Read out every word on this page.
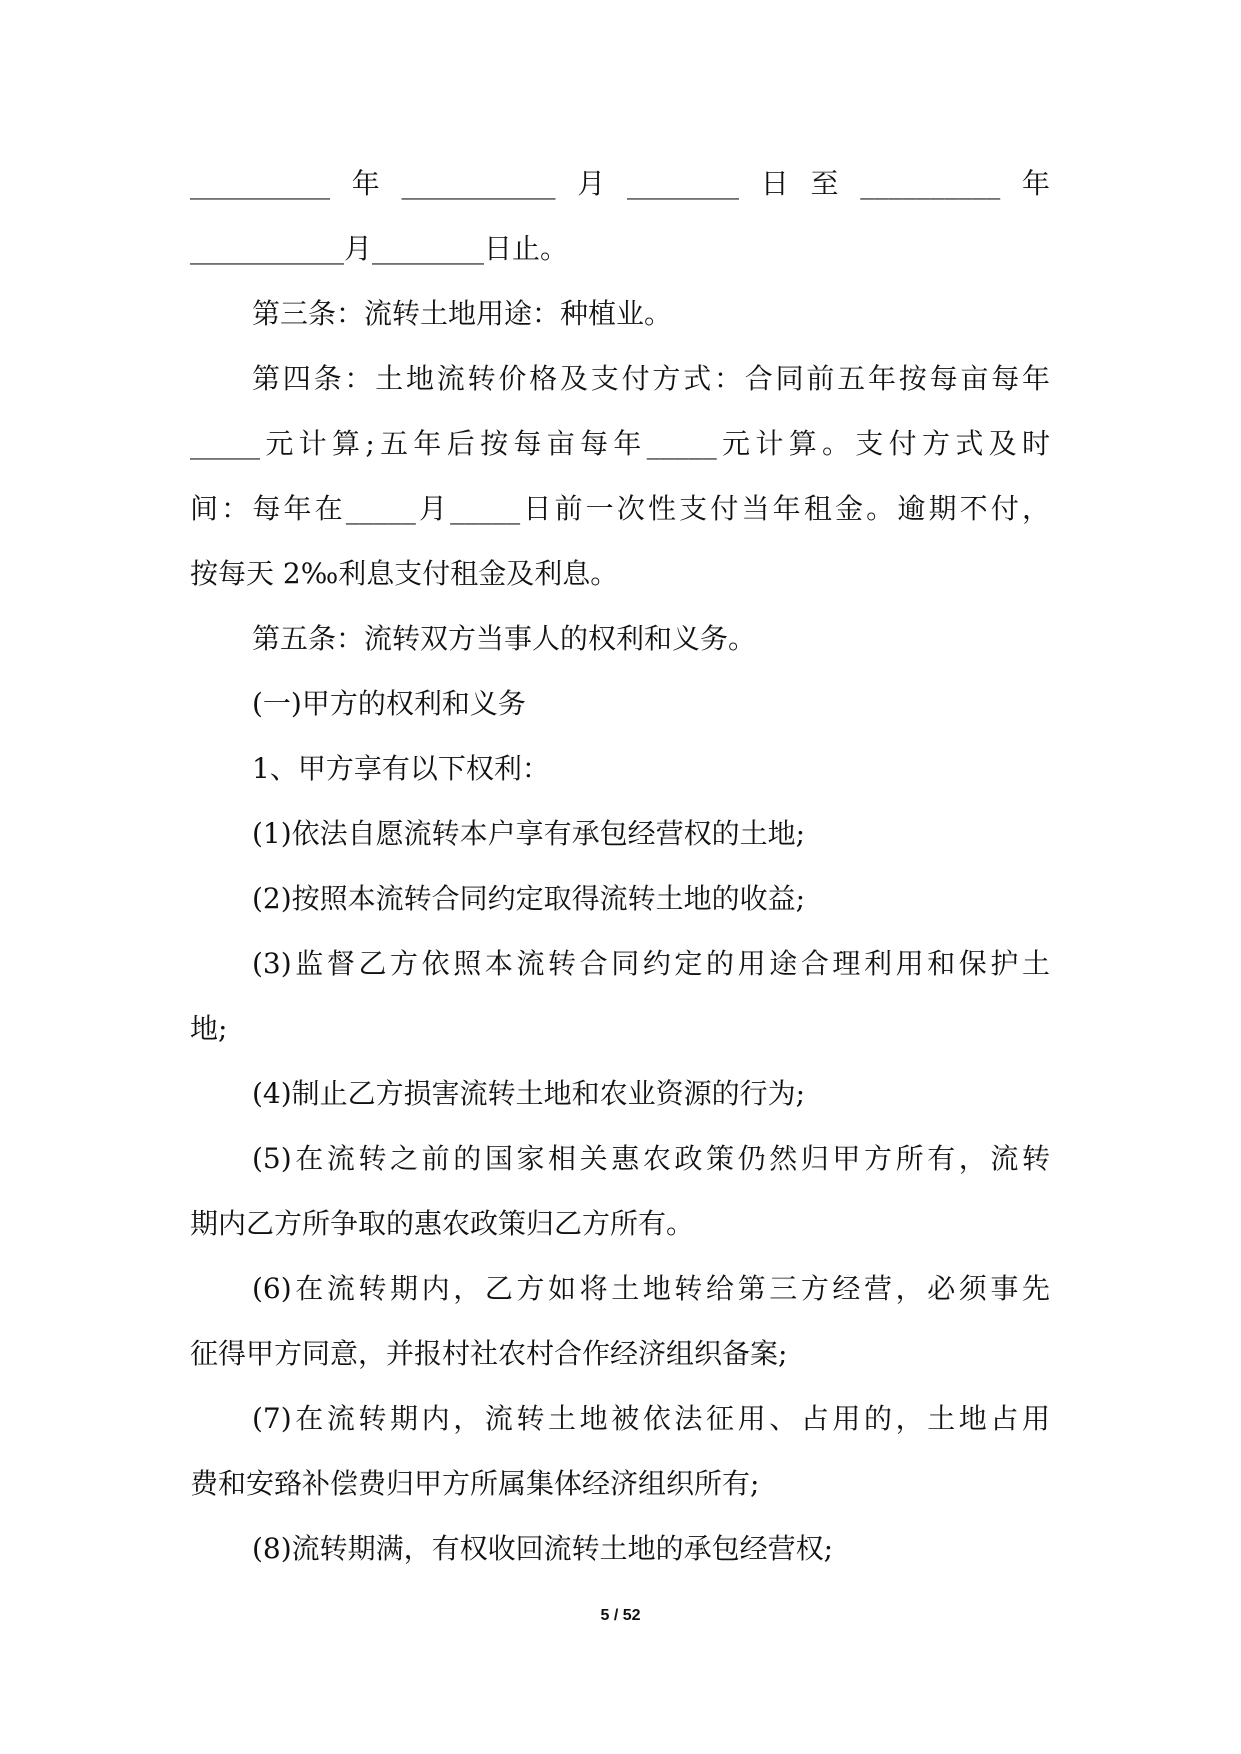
__________年___________月________日至__________年
___________月________日止。
第三条：流转土地用途：种植业。
第四条：土地流转价格及支付方式：合同前五年按每亩每年
_____元计算;五年后按每亩每年_____元计算。支付方式及时
间：每年在_____月_____日前一次性支付当年租金。逾期不付，
按每天 2‰利息支付租金及利息。
第五条：流转双方当事人的权利和义务。
(一)甲方的权利和义务
1、甲方享有以下权利：
(1)依法自愿流转本户享有承包经营权的土地;
(2)按照本流转合同约定取得流转土地的收益;
(3)监督乙方依照本流转合同约定的用途合理利用和保护土
地;
(4)制止乙方损害流转土地和农业资源的行为;
(5)在流转之前的国家相关惠农政策仍然归甲方所有，流转
期内乙方所争取的惠农政策归乙方所有。
(6)在流转期内，乙方如将土地转给第三方经营，必须事先
征得甲方同意，并报村社农村合作经济组织备案;
(7)在流转期内，流转土地被依法征用、占用的，土地占用
费和安臵补偿费归甲方所属集体经济组织所有;
(8)流转期满，有权收回流转土地的承包经营权;
5 / 52
